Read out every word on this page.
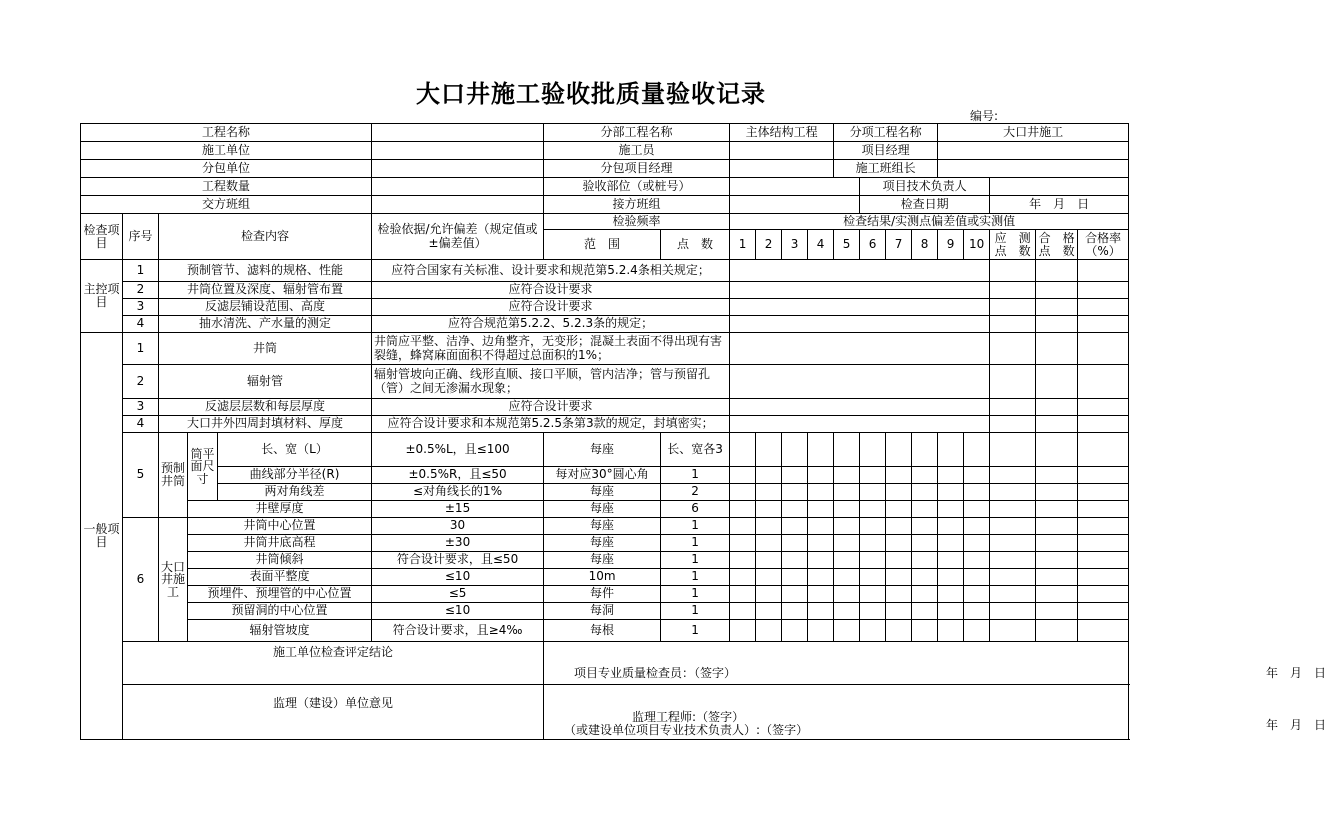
大口井施工验收批质量验收记录
编号:
工程名称						分部工程名称		主体结构工程				分项工程名称				大口井施工				
施工单位						施工员						项目经理								
分包单位						分包项目经理						施工班组长								
工程数量						验收部位（或桩号）							项目技术负责人							
交方班组						接方班组							检查日期					年　月　日		
检查项目	序号	检查内容			检验依据/允许偏差（规定值或±偏差值）	检验频率		检查结果/实测点偏差值或实测值												
						范　围	点　数	1	2	3	4	5	6	7	8	9	10	应　测点　数	合　格点　数	合格率（%）
主控项目	1	预制管节、滤料的规格、性能			应符合国家有关标准、设计要求和规范第5.2.4条相关规定；															
	2	井筒位置及深度、辐射管布置			应符合设计要求															
	3	反滤层铺设范围、高度			应符合设计要求															
	4	抽水清洗、产水量的测定			应符合规范第5.2.2、5.2.3条的规定；															
一般项目	1	井筒			井筒应平整、洁净、边角整齐，无变形；混凝土表面不得出现有害裂缝，蜂窝麻面面积不得超过总面积的1%；															
	2	辐射管			辐射管坡向正确、线形直顺、接口平顺，管内洁净；管与预留孔（管）之间无渗漏水现象；															
	3	反滤层层数和每层厚度			应符合设计要求															
	4	大口井外四周封填材料、厚度			应符合设计要求和本规范第5.2.5条第3款的规定，封填密实；															
	5	预制井筒	筒平面尺寸	长、宽（L）	±0.5%L，且≤100	每座	长、宽各3													
				曲线部分半径(R)	±0.5%R，且≤50	每对应30°圆心角	1													
				两对角线差	≤对角线长的1%	每座	2													
			井壁厚度		±15	每座	6													
	6	大口井施工	井筒中心位置		30	每座	1													
			井筒井底高程		±30	每座	1													
			井筒倾斜		符合设计要求，且≤50	每座	1													
			表面平整度		≤10	10m	1													
			预埋件、预埋管的中心位置		≤5	每件	1													
			预留洞的中心位置		≤10	每洞	1													
			辐射管坡度		符合设计要求，且≥4‰	每根	1													
	施工单位检查评定结论					项目专业质量检查员：（签字） 年　月　日														

	监理（建设）单位意见					监理工程师:（签字）
（或建设单位项目专业技术负责人）:（签字） 年　月　日														
